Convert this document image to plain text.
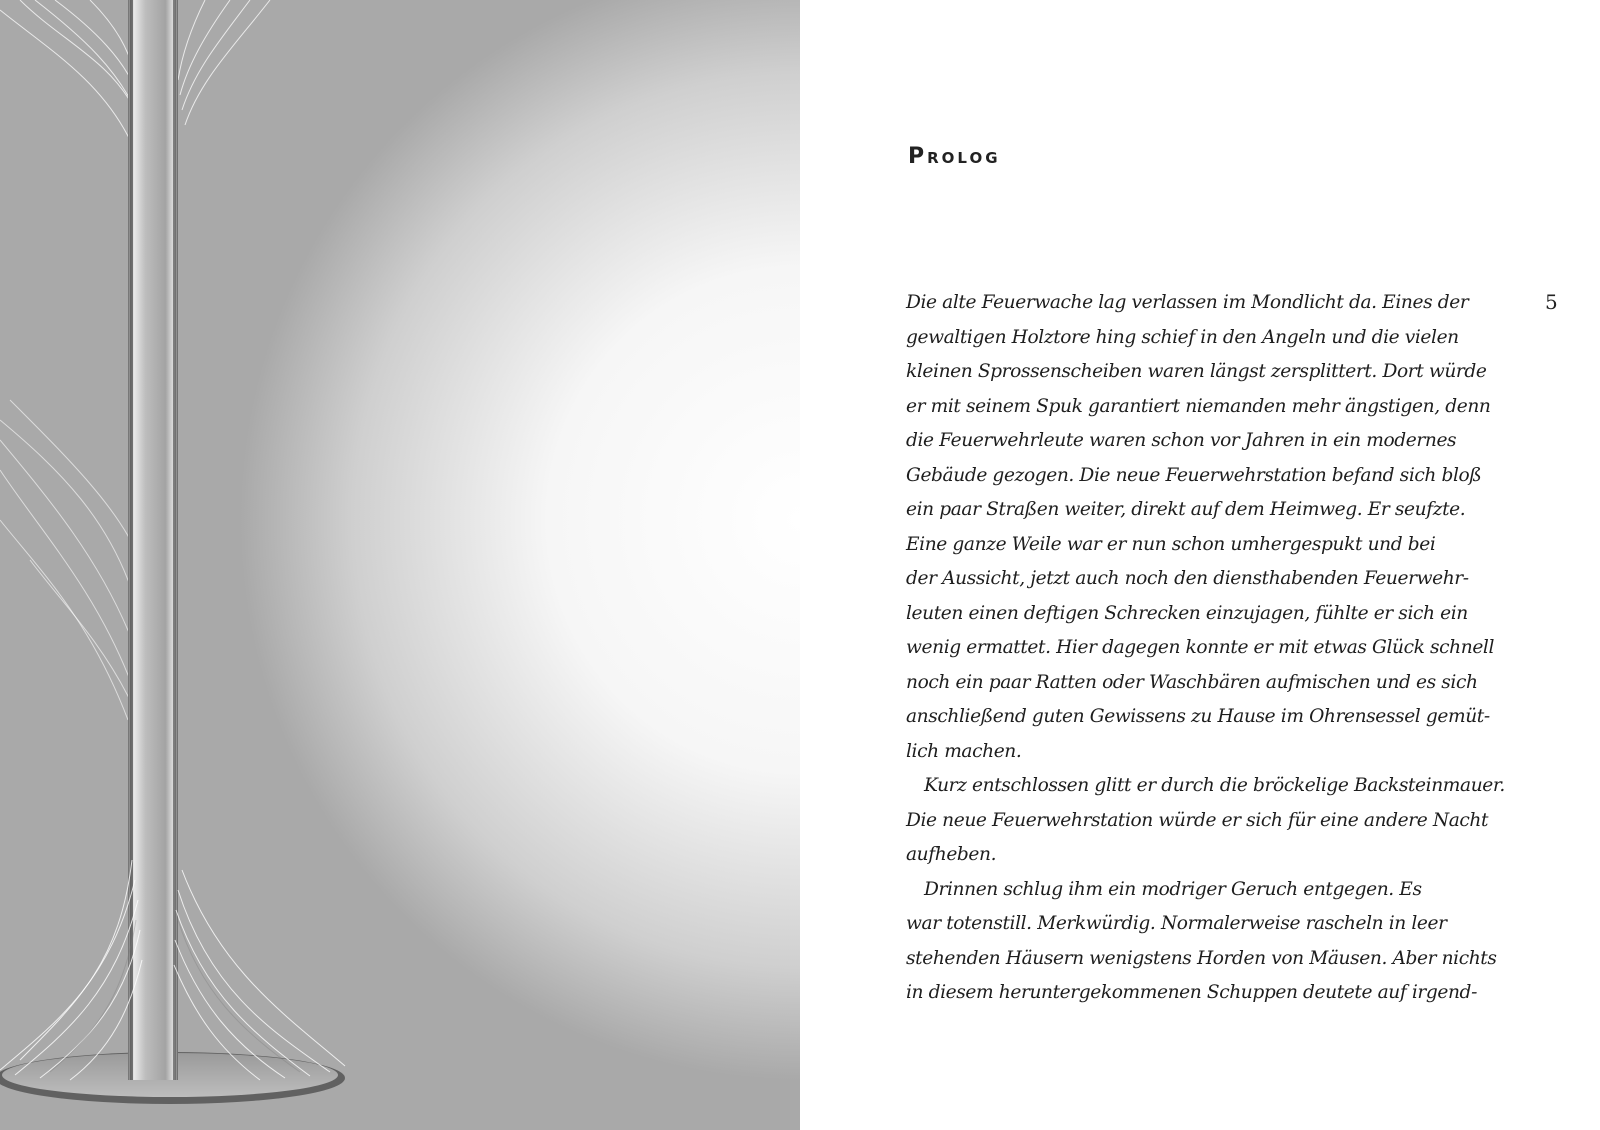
Prolog
5
Die alte Feuerwache lag verlassen im Mondlicht da. Eines der
gewaltigen Holztore hing schief in den Angeln und die vielen
kleinen Sprossenscheiben waren längst zersplittert. Dort würde
er mit seinem Spuk garantiert niemanden mehr ängstigen, denn
die Feuerwehrleute waren schon vor Jahren in ein modernes
Gebäude gezogen. Die neue Feuerwehrstation befand sich bloß
ein paar Straßen weiter, direkt auf dem Heimweg. Er seufzte.
Eine ganze Weile war er nun schon umhergespukt und bei
der Aussicht, jetzt auch noch den diensthabenden Feuerwehr-
leuten einen deftigen Schrecken einzujagen, fühlte er sich ein
wenig ermattet. Hier dagegen konnte er mit etwas Glück schnell
noch ein paar Ratten oder Waschbären aufmischen und es sich
anschließend guten Gewissens zu Hause im Ohrensessel gemüt-
lich machen.
Kurz entschlossen glitt er durch die bröckelige Backsteinmauer.
Die neue Feuerwehrstation würde er sich für eine andere Nacht
aufheben.
Drinnen schlug ihm ein modriger Geruch entgegen. Es
war totenstill. Merkwürdig. Normalerweise rascheln in leer
stehenden Häusern wenigstens Horden von Mäusen. Aber nichts
in diesem heruntergekommenen Schuppen deutete auf irgend-
